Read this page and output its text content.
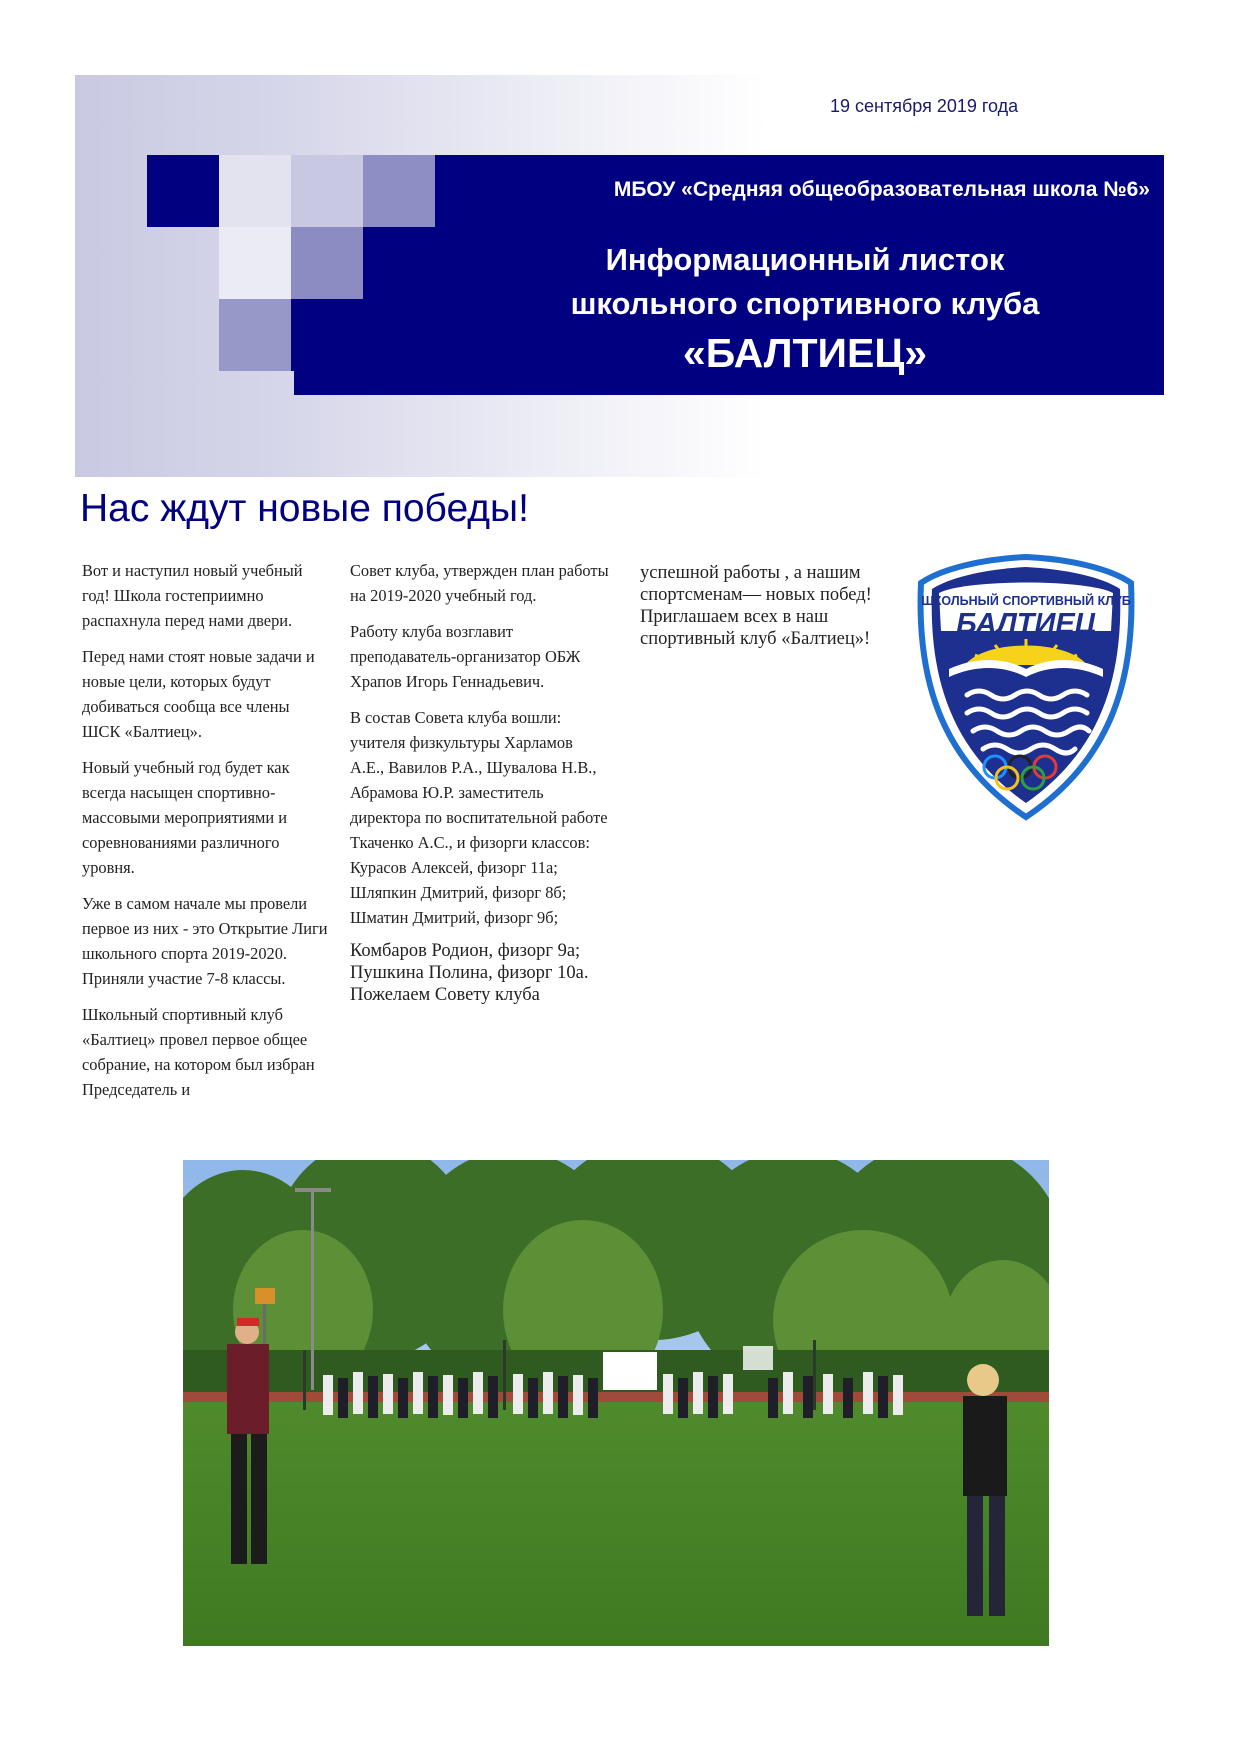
19 сентября 2019 года
МБОУ «Средняя общеобразовательная школа №6»
Информационный листок
школьного спортивного клуба
«БАЛТИЕЦ»
Нас ждут новые победы!

Вот и наступил новый учебный год! Школа гостеприимно распахнула перед нами двери.

Перед нами стоят новые задачи и новые цели, которых будут добиваться сообща все члены ШСК «Балтиец».

Новый учебный год будет как всегда насыщен спортивно-массовыми мероприятиями и соревнованиями различного уровня.

Уже в самом начале мы провели первое из них - это Открытие Лиги школьного спорта 2019-2020. Приняли участие 7-8 классы.

Школьный спортивный клуб «Балтиец» провел первое общее собрание, на котором был избран Председатель и

Совет клуба, утвержден план работы на 2019-2020 учебный год.

Работу клуба возглавит преподаватель-организатор ОБЖ Храпов Игорь Геннадьевич.

В состав Совета клуба вошли: учителя физкультуры Харламов А.Е., Вавилов Р.А., Шувалова Н.В., Абрамова Ю.Р. заместитель директора по воспитательной работе Ткаченко А.С., и физорги классов:

Курасов Алексей, физорг 11а;
Шляпкин Дмитрий, физорг 8б;
Шматин Дмитрий, физорг 9б;
Комбаров Родион, физорг 9а;
Пушкина Полина, физорг 10а.
Пожелаем Совету клуба
успешной работы , а нашим спортсменам— новых побед! Приглашаем всех в наш спортивный клуб «Балтиец»!
ШКОЛЬНЫЙ СПОРТИВНЫЙ КЛУБ
БАЛТИЕЦ
